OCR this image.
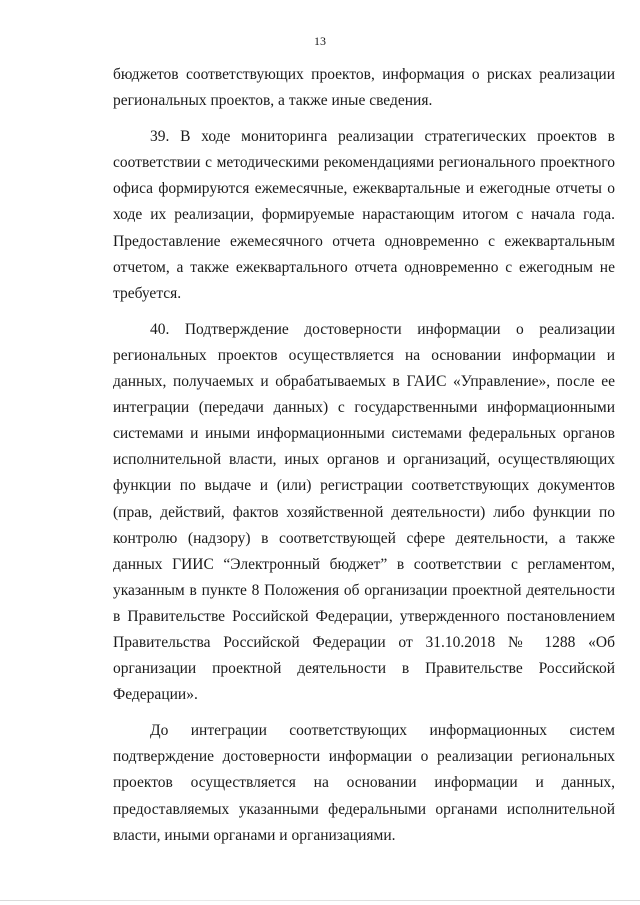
13

бюджетов соответствующих проектов, информация о рисках реализации региональных проектов, а также иные сведения.

39. В ходе мониторинга реализации стратегических проектов в соответствии с методическими рекомендациями регионального проектного офиса формируются ежемесячные, ежеквартальные и ежегодные отчеты о ходе их реализации, формируемые нарастающим итогом с начала года. Предоставление ежемесячного отчета одновременно с ежеквартальным отчетом, а также ежеквартального отчета одновременно с ежегодным не требуется.

40. Подтверждение достоверности информации о реализации региональных проектов осуществляется на основании информации и данных, получаемых и обрабатываемых в ГАИС «Управление», после ее интеграции (передачи данных) с государственными информационными системами и иными информационными системами федеральных органов исполнительной власти, иных органов и организаций, осуществляющих функции по выдаче и (или) регистрации соответствующих документов (прав, действий, фактов хозяйственной деятельности) либо функции по контролю (надзору) в соответствующей сфере деятельности, а также данных ГИИС “Электронный бюджет” в соответствии с регламентом, указанным в пункте 8 Положения об организации проектной деятельности в Правительстве Российской Федерации, утвержденного постановлением Правительства Российской Федерации от 31.10.2018 № 1288 «Об организации проектной деятельности в Правительстве Российской Федерации».

До интеграции соответствующих информационных систем подтверждение достоверности информации о реализации региональных проектов осуществляется на основании информации и данных, предоставляемых указанными федеральными органами исполнительной власти, иными органами и организациями.
